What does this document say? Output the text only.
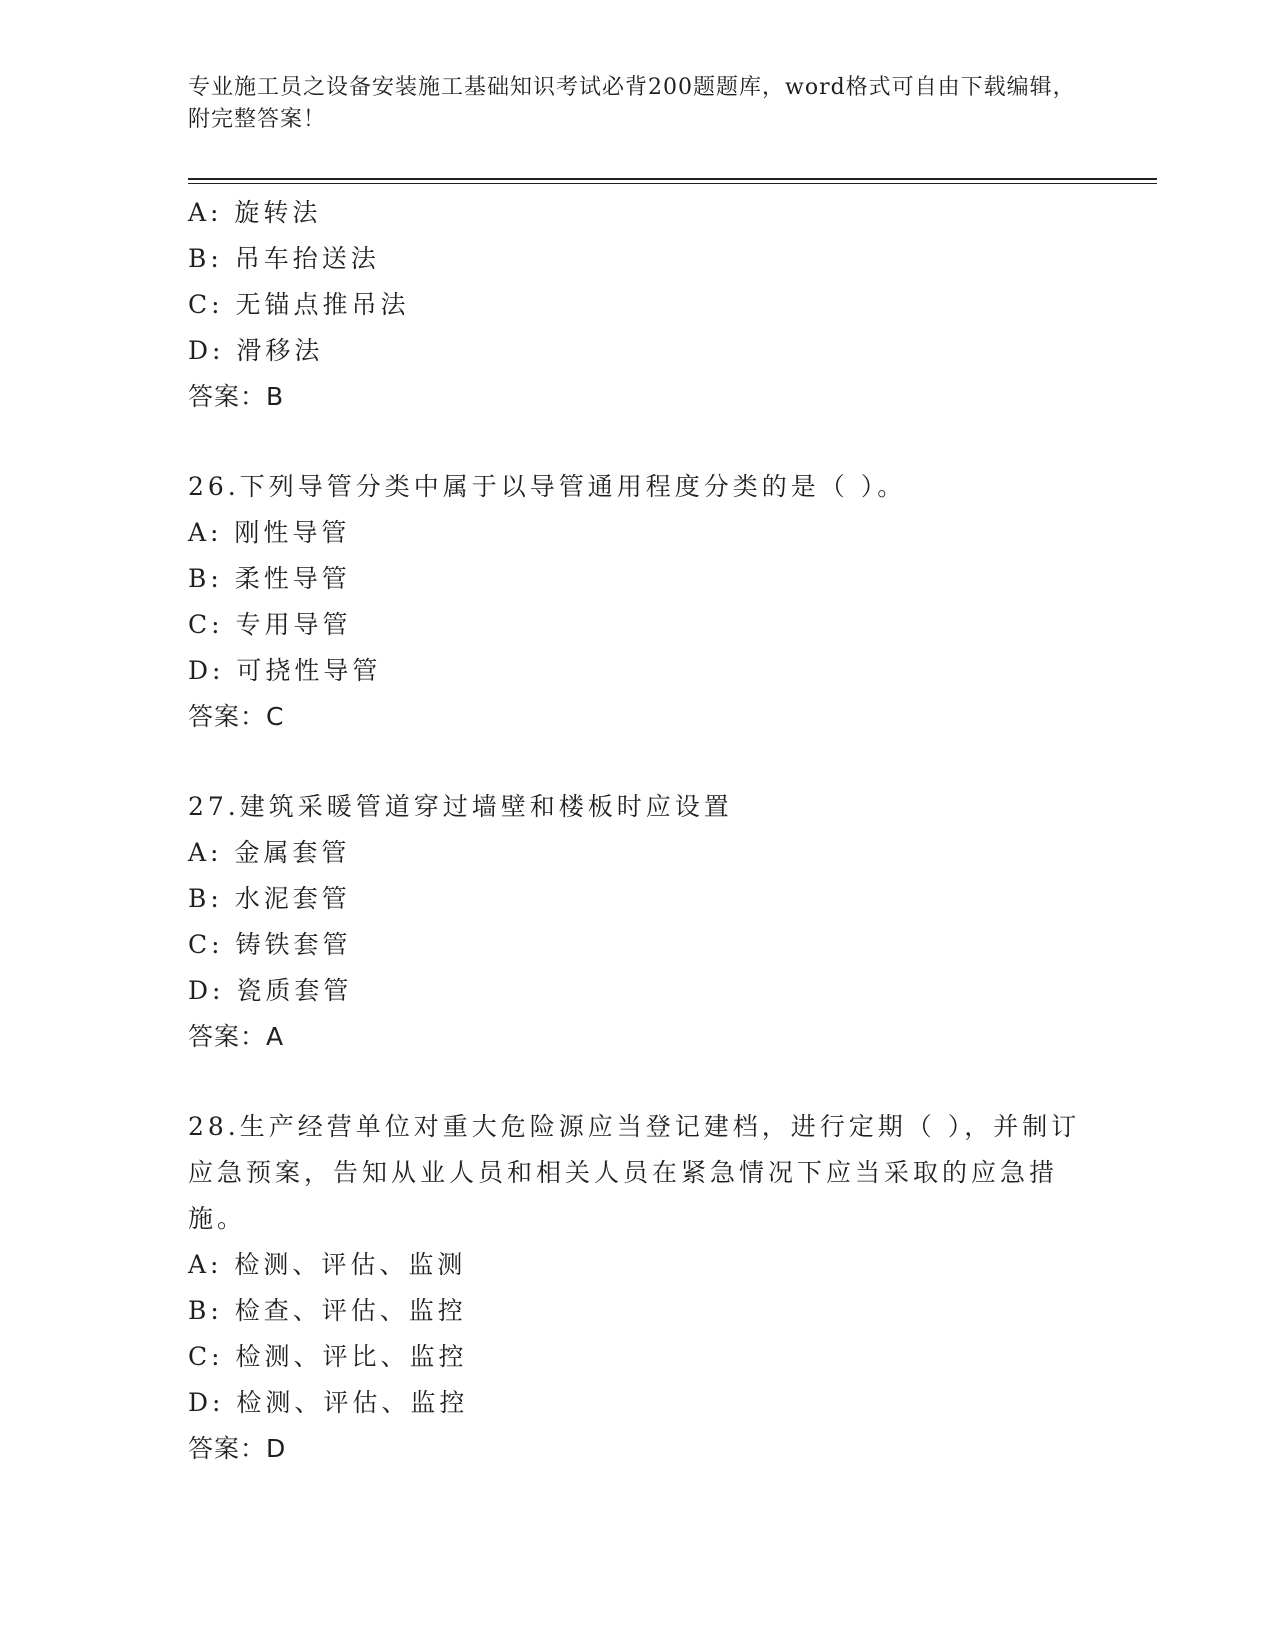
专业施工员之设备安装施工基础知识考试必背200题题库，word格式可自由下载编辑，附完整答案！
A: 旋转法
B: 吊车抬送法
C: 无锚点推吊法
D: 滑移法
答案：B
26.下列导管分类中属于以导管通用程度分类的是（ ）。
A: 刚性导管
B: 柔性导管
C: 专用导管
D: 可挠性导管
答案：C
27.建筑采暖管道穿过墙壁和楼板时应设置
A: 金属套管
B: 水泥套管
C: 铸铁套管
D: 瓷质套管
答案：A
28.生产经营单位对重大危险源应当登记建档，进行定期（ ），并制订应急预案，告知从业人员和相关人员在紧急情况下应当采取的应急措施。
A: 检测、评估、监测
B: 检查、评估、监控
C: 检测、评比、监控
D: 检测、评估、监控
答案：D
